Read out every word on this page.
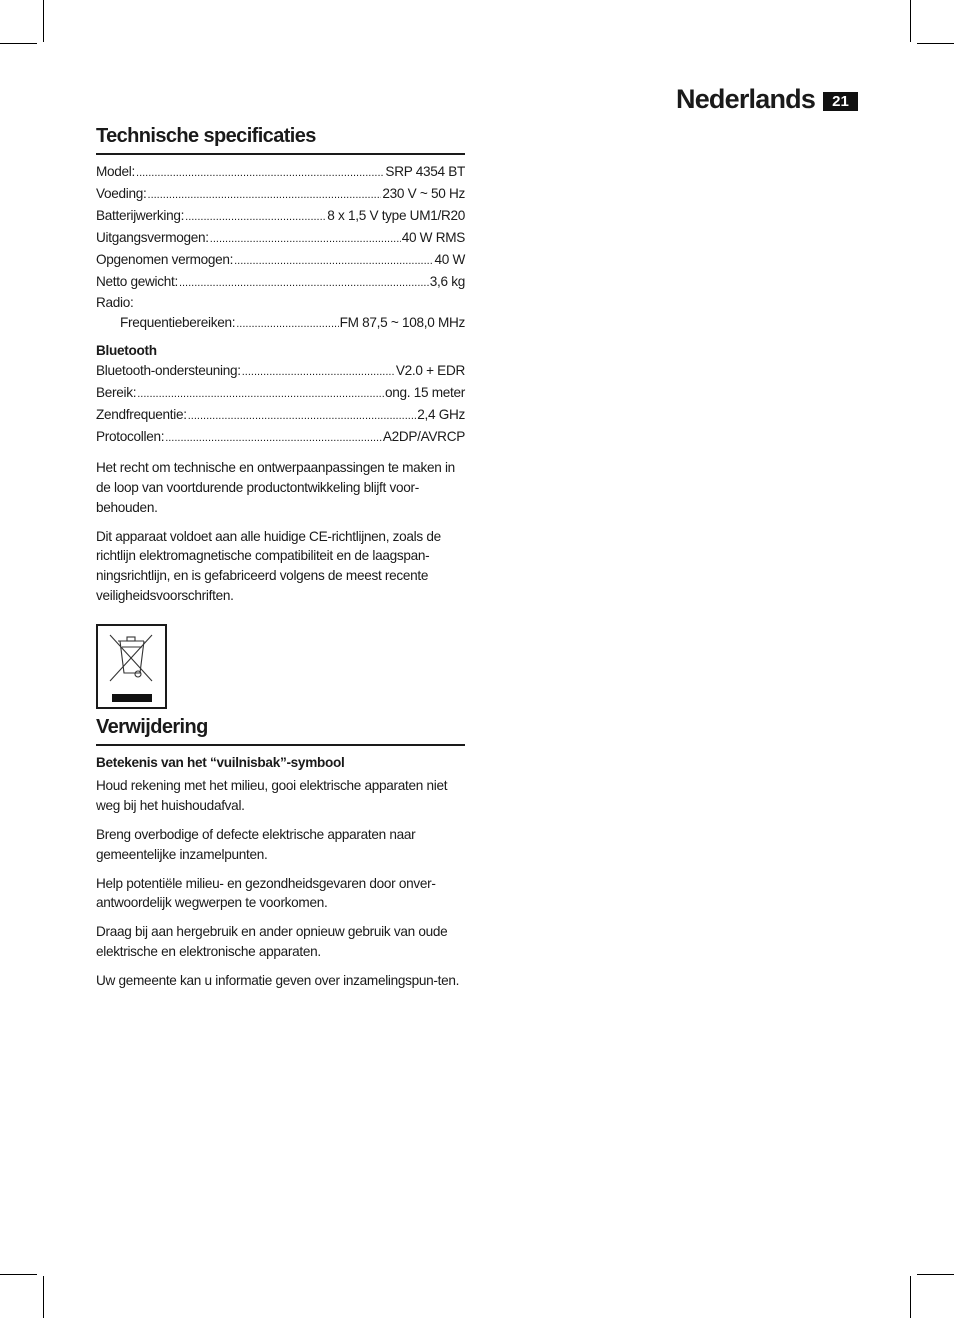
Nederlands	21
Technische specificaties
Model: .....	SRP 4354 BT
Voeding: .....	230 V ~ 50 Hz
Batterijwerking: .....	8 x 1,5 V type UM1/R20
Uitgangsvermogen: .....	40 W RMS
Opgenomen vermogen: .....	40 W
Netto gewicht: .....	3,6 kg
Radio:
Frequentiebereiken: .....	FM 87,5 ~ 108,0 MHz
Bluetooth
Bluetooth-ondersteuning: .....	V2.0 + EDR
Bereik: .....	ong. 15 meter
Zendfrequentie: .....	2,4 GHz
Protocollen: .....	A2DP/AVRCP

Het recht om technische en ontwerpaanpassingen te maken in de loop van voortdurende productontwikkeling blijft voor-behouden.

Dit apparaat voldoet aan alle huidige CE-richtlijnen, zoals de richtlijn elektromagnetische compatibiliteit en de laagspan-ningsrichtlijn, en is gefabriceerd volgens de meest recente veiligheidsvoorschriften.

Verwijdering
Betekenis van het “vuilnisbak”-symbool

Houd rekening met het milieu, gooi elektrische apparaten niet weg bij het huishoudafval.

Breng overbodige of defecte elektrische apparaten naar gemeentelijke inzamelpunten.

Help potentiële milieu- en gezondheidsgevaren door onver-antwoordelijk wegwerpen te voorkomen.

Draag bij aan hergebruik en ander opnieuw gebruik van oude elektrische en elektronische apparaten.

Uw gemeente kan u informatie geven over inzamelingspun-ten.
